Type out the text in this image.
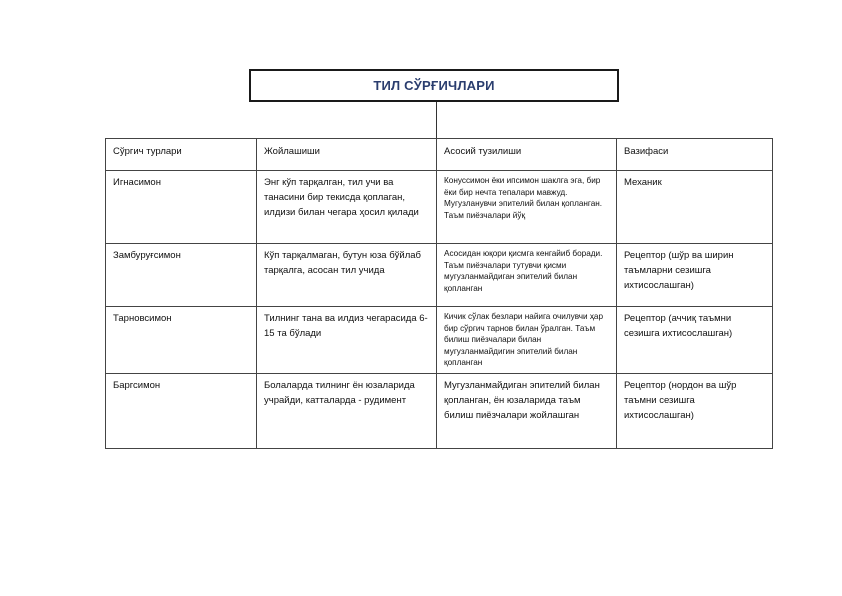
ТИЛ СЎРҒИЧЛАРИ
Сўргич турлари	Жойлашиши	Асосий тузилиши	Вазифаси
Игнасимон	Энг кўп тарқалган, тил учи ва танасини бир текисда қоплаган, илдизи билан чегара ҳосил қилади	Конуссимон ёки ипсимон шаклга эга, бир ёки бир нечта тепалари мавжуд. Мугузланувчи эпителий билан қопланган. Таъм пиёзчалари йўқ	Механик
Замбуруғсимон	Кўп тарқалмаган, бутун юза бўйлаб тарқалга, асосан тил учида	Асосидан юқори қисмга кенгайиб боради. Таъм пиёзчалари тутувчи қисми мугузланмайдиган эпителий билан қопланган	Рецептор (шўр ва ширин таъмларни сезишга ихтисослашган)
Тарновсимон	Тилнинг тана ва илдиз чегарасида 6-15 та бўлади	Кичик сўлак безлари найига очилувчи ҳар бир сўргич тарнов билан ўралган. Таъм билиш пиёзчалари билан мугузланмайдигин эпителий билан қопланган	Рецептор (аччиқ таъмни сезишга ихтисослашган)
Баргсимон	Болаларда тилнинг ён юзаларида учрайди, катталарда - рудимент	Мугузланмайдиган эпителий билан қопланган, ён юзаларида таъм билиш пиёзчалари жойлашган	Рецептор (нордон ва шўр таъмни сезишга ихтисослашган)
